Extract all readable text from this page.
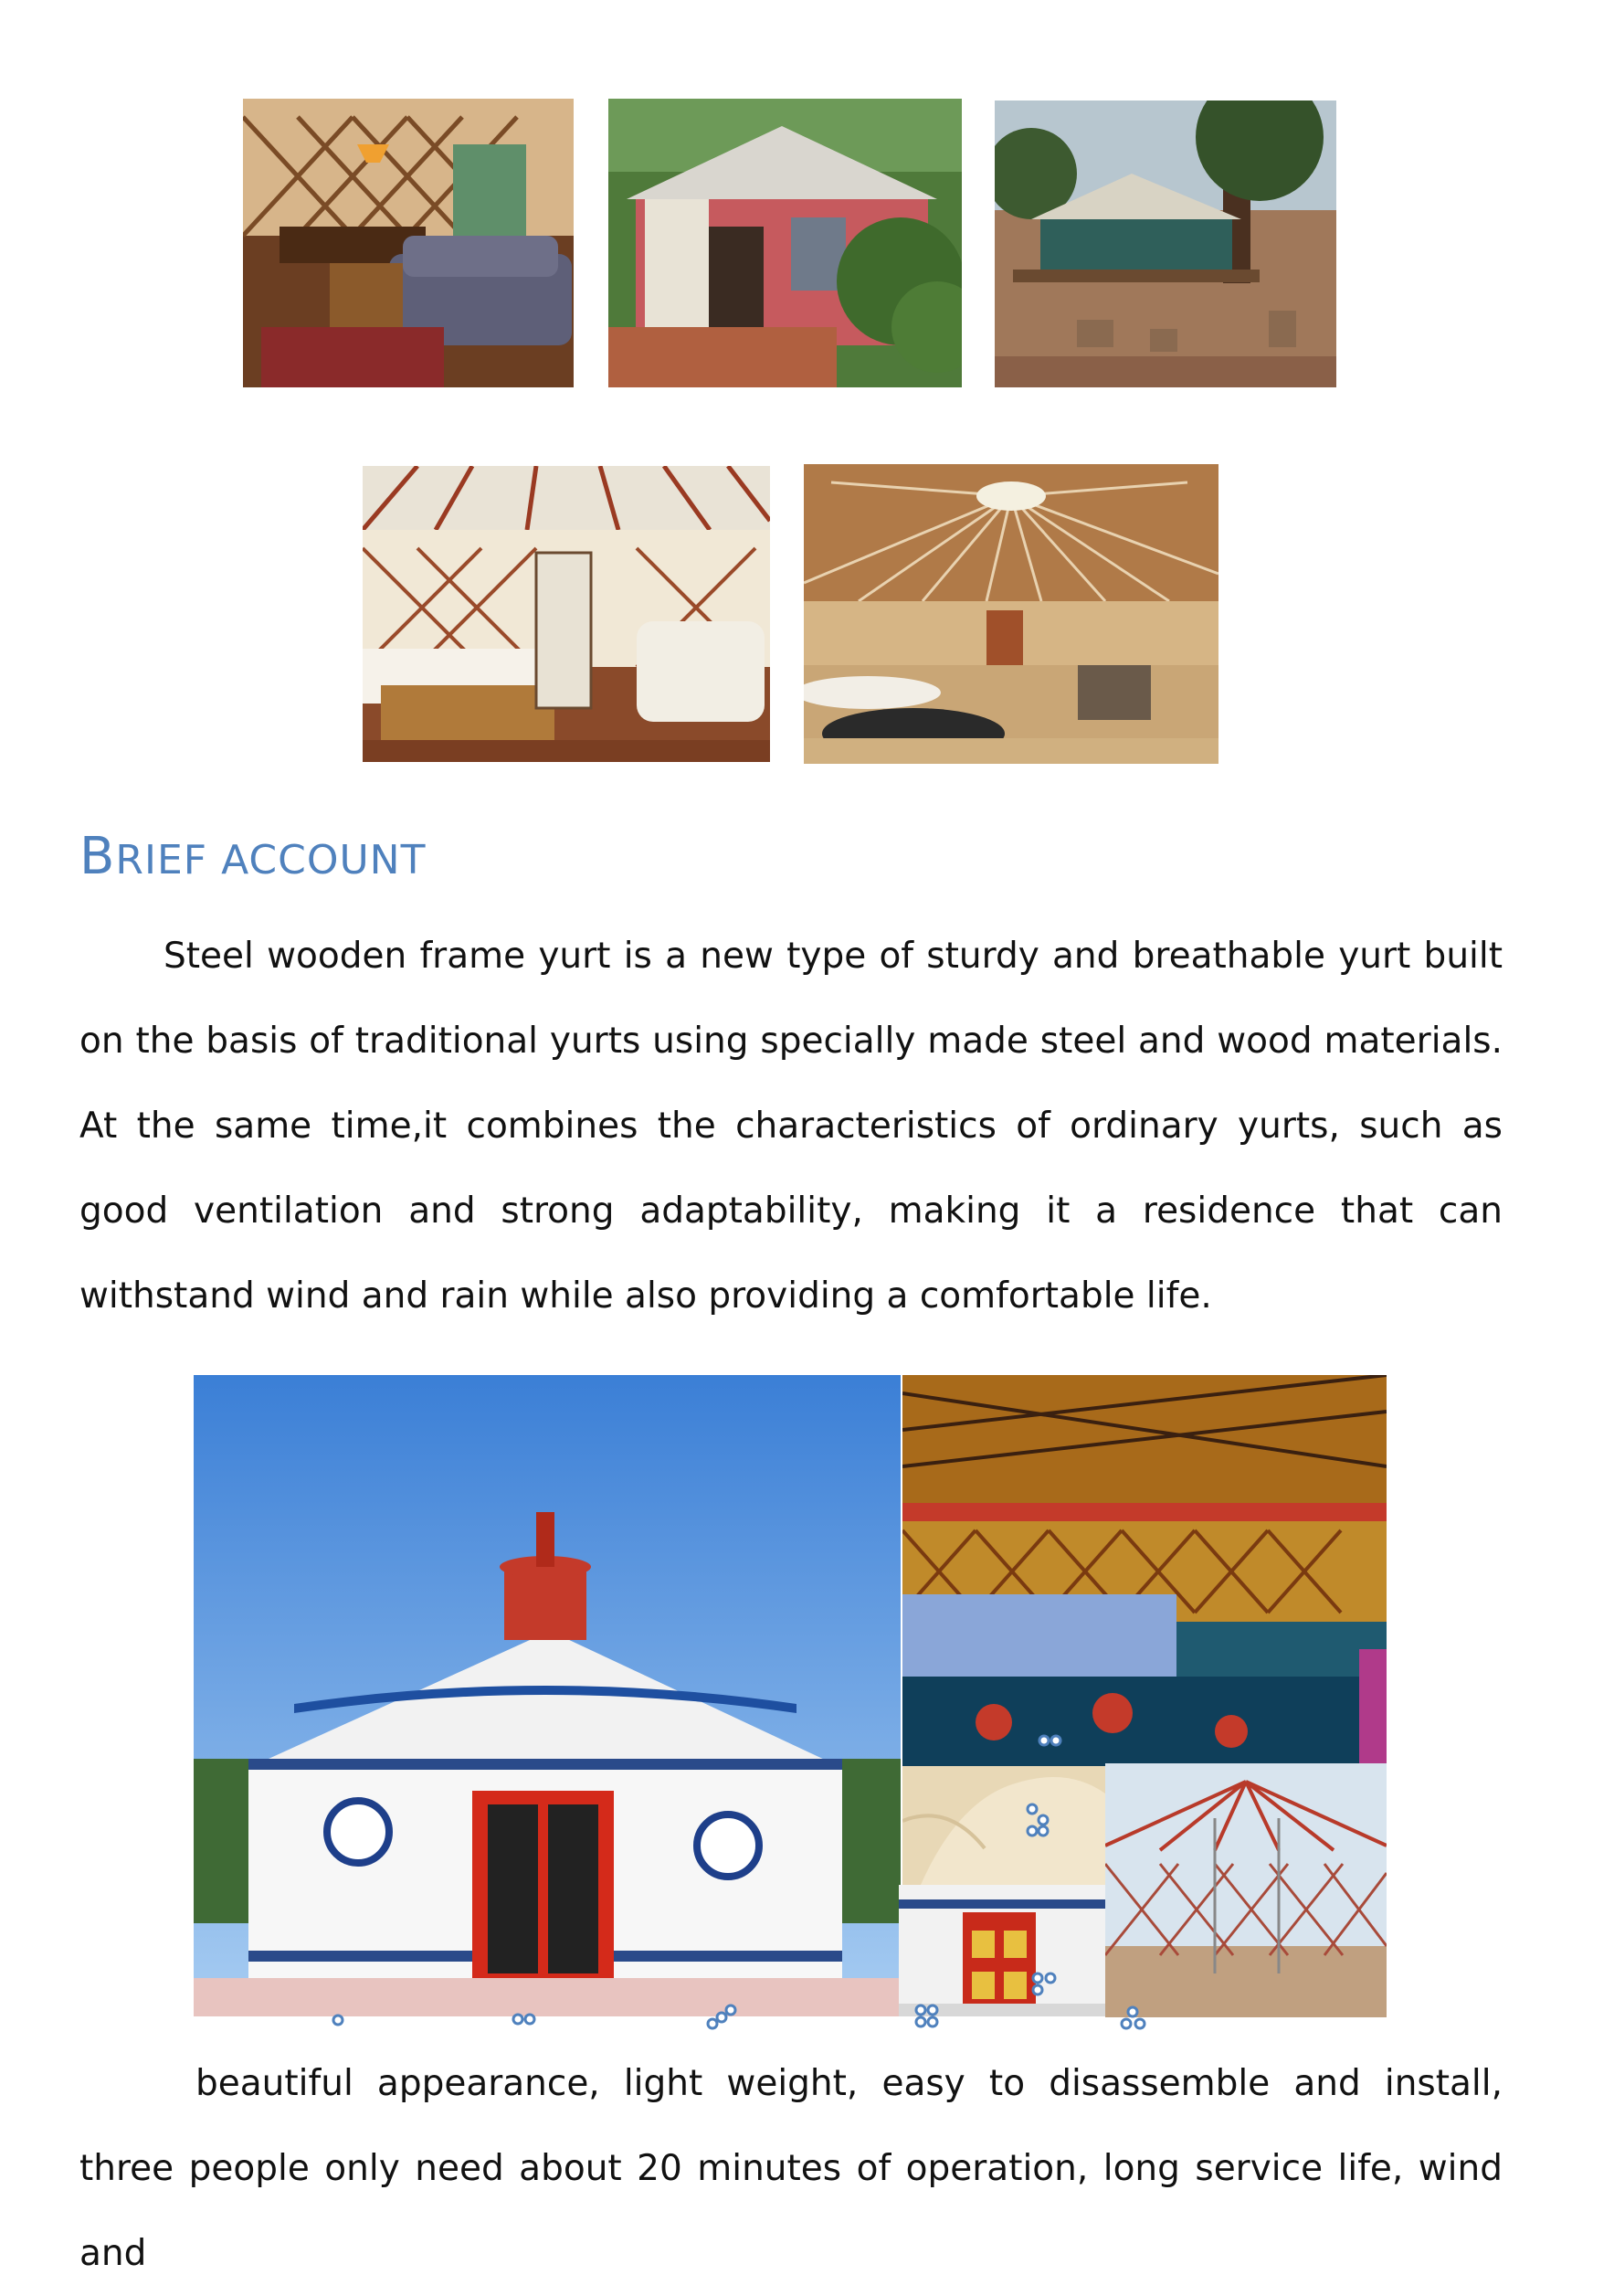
BRIEF ACCOUNT
Steel wooden frame yurt is a new type of sturdy and breathable yurt built on the basis of traditional yurts using specially made steel and wood materials. At the same time,it combines the characteristics of ordinary yurts, such as good ventilation and strong adaptability, making it a residence that can withstand wind and rain while also providing a comfortable life.
beautiful appearance, light weight, easy to disassemble and install, three people only need about 20 minutes of operation, long service life, wind and
